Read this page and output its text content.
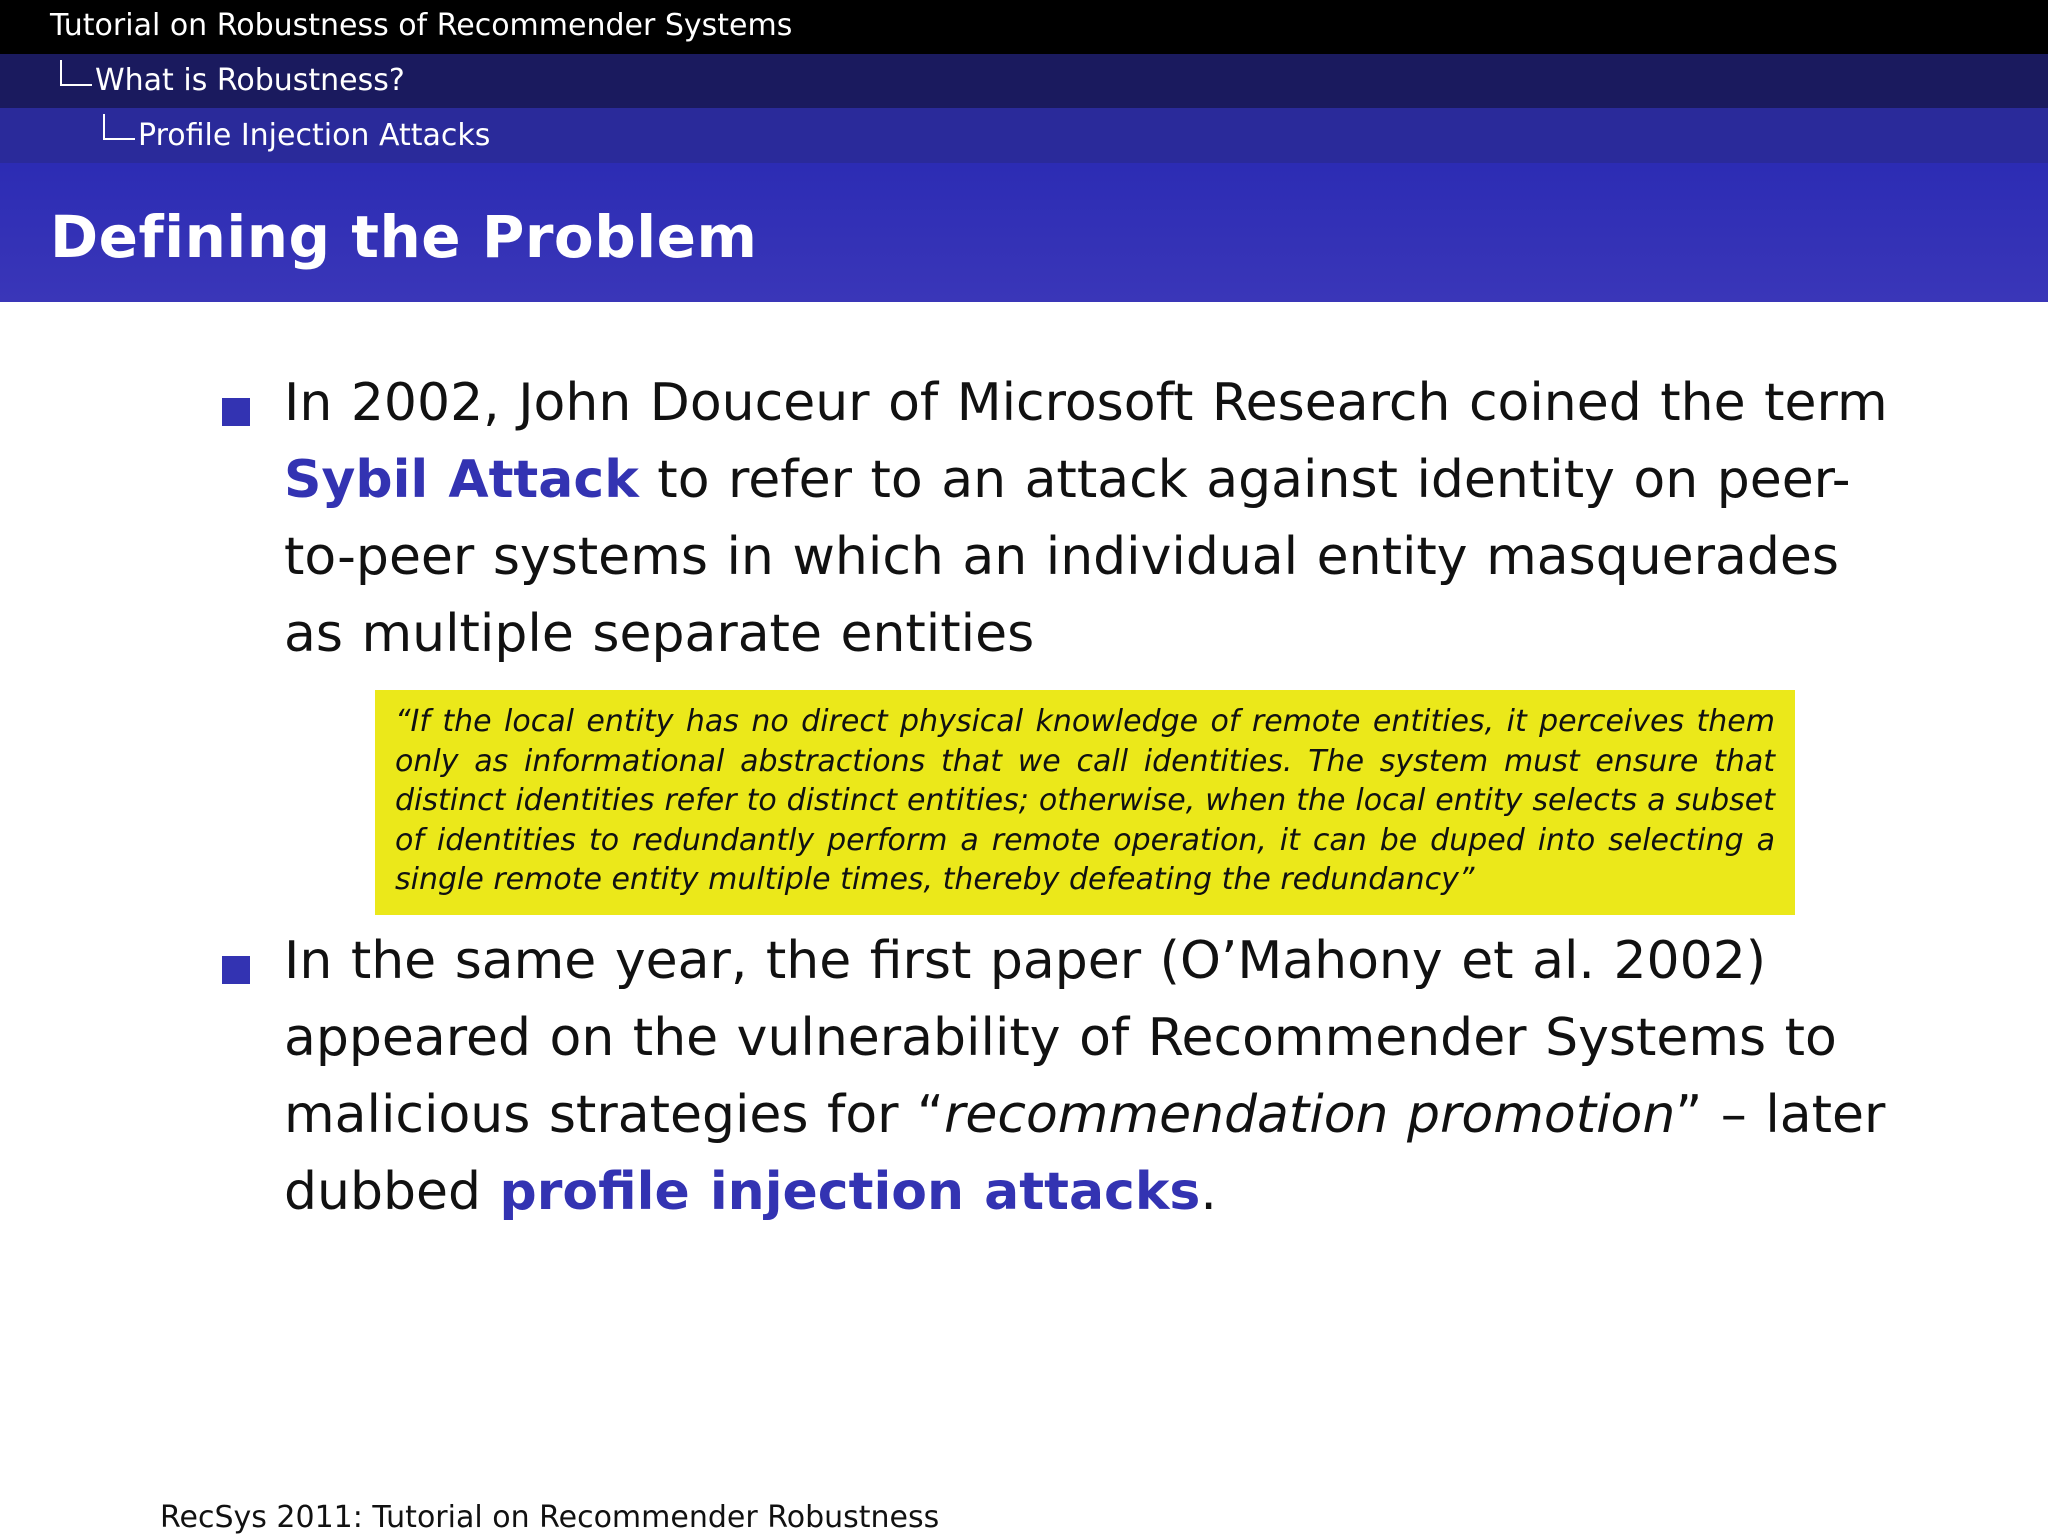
Tutorial on Robustness of Recommender Systems
What is Robustness?
Profile Injection Attacks
Defining the Problem
In 2002, John Douceur of Microsoft Research coined the term Sybil Attack to refer to an attack against identity on peer-to-peer systems in which an individual entity masquerades as multiple separate entities
“If the local entity has no direct physical knowledge of remote entities, it perceives them only as informational abstractions that we call identities. The system must ensure that distinct identities refer to distinct entities; otherwise, when the local entity selects a subset of identities to redundantly perform a remote operation, it can be duped into selecting a single remote entity multiple times, thereby defeating the redundancy”
In the same year, the first paper (O’Mahony et al. 2002) appeared on the vulnerability of Recommender Systems to malicious strategies for “recommendation promotion” – later dubbed profile injection attacks.
RecSys 2011: Tutorial on Recommender Robustness
